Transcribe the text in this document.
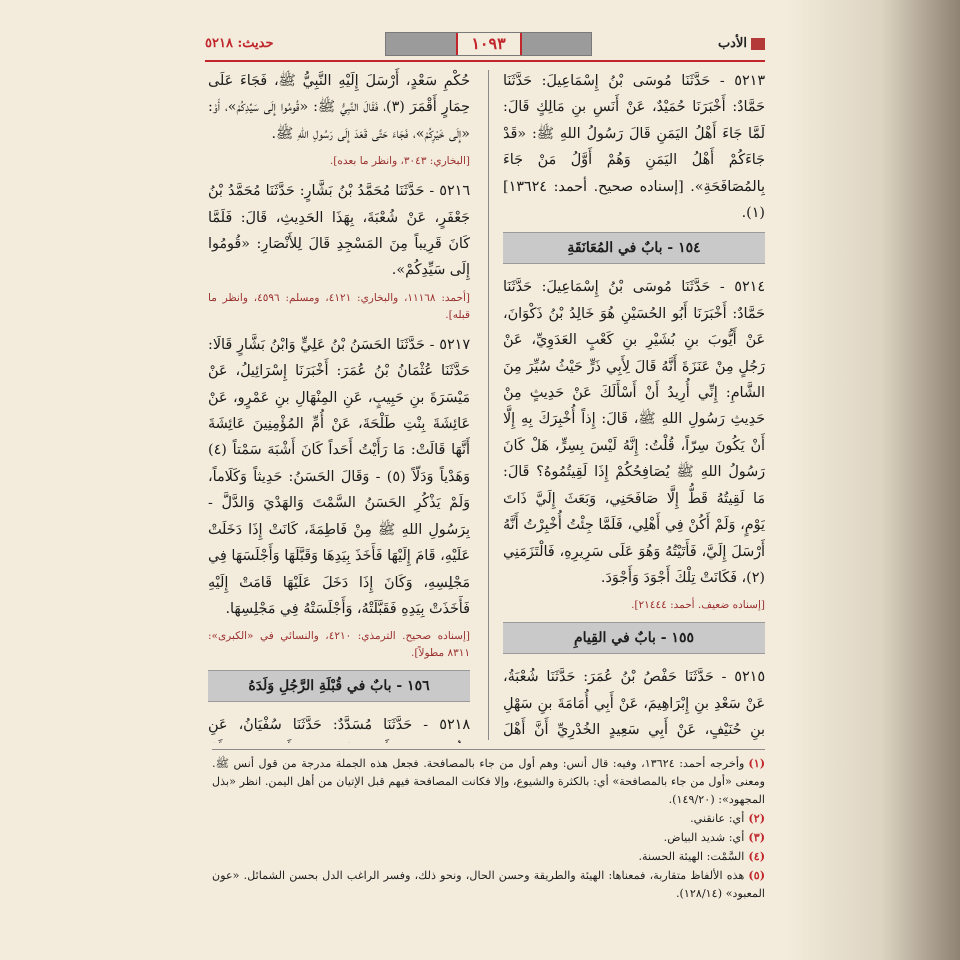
الأدب
١٠٩٣
حديث: ٥٢١٨

٥٢١٣ - حَدَّثَنَا مُوسَى بْنُ إِسْمَاعِيلَ: حَدَّثَنَا حَمَّادٌ: أَخْبَرَنَا حُمَيْدٌ، عَنْ أَنَسِ بنِ مَالِكٍ قَالَ: لَمَّا جَاءَ أَهْلُ اليَمَنِ قَالَ رَسُولُ اللهِ ﷺ: «قَدْ جَاءَكُمْ أَهْلُ اليَمَنِ وَهُمْ أَوَّلُ مَنْ جَاءَ بِالمُصَافَحَةِ». [إسناده صحيح. أحمد: ١٣٦٢٤] (١).

١٥٤ - بابٌ في المُعَانَقَةِ

٥٢١٤ - حَدَّثَنَا مُوسَى بْنُ إِسْمَاعِيلَ: حَدَّثَنَا حَمَّادٌ: أَخْبَرَنَا أَبُو الحُسَيْنِ هُوَ خَالِدُ بْنُ ذَكْوَانَ، عَنْ أَيُّوبَ بنِ بُشَيْرِ بنِ كَعْبٍ العَدَوِيِّ، عَنْ رَجُلٍ مِنْ عَنَزَةَ أَنَّهُ قَالَ لِأَبِي ذَرٍّ حَيْثُ سُيِّرَ مِنَ الشَّامِ: إِنِّي أُرِيدُ أَنْ أَسْأَلَكَ عَنْ حَدِيثٍ مِنْ حَدِيثِ رَسُولِ اللهِ ﷺ، قَالَ: إِذاً أُخْبِرَكَ بِهِ إِلَّا أَنْ يَكُونَ سِرّاً، قُلْتُ: إِنَّهُ لَيْسَ بِسِرٍّ، هَلْ كَانَ رَسُولُ اللهِ ﷺ يُصَافِحُكُمْ إِذَا لَقِيتُمُوهُ؟ قَالَ: مَا لَقِيتُهُ قَطُّ إِلَّا صَافَحَنِي، وَبَعَثَ إِلَيَّ ذَاتَ يَوْمٍ، وَلَمْ أَكُنْ فِي أَهْلِي، فَلَمَّا جِئْتُ أُخْبِرْتُ أَنَّهُ أَرْسَلَ إِلَيَّ، فَأَتَيْتُهُ وَهُوَ عَلَى سَرِيرِهِ، فَالْتَزَمَنِي (٢)، فَكَانَتْ تِلْكَ أَجْوَدَ وَأَجْوَدَ.

[إسناده ضعيف. أحمد: ٢١٤٤٤].

١٥٥ - بابٌ في القِيامِ

٥٢١٥ - حَدَّثَنَا حَفْصُ بْنُ عُمَرَ: حَدَّثَنَا شُعْبَةُ، عَنْ سَعْدِ بنِ إِبْرَاهِيمَ، عَنْ أَبِي أُمَامَةَ بنِ سَهْلِ بنِ حُنَيْفٍ، عَنْ أَبِي سَعِيدٍ الخُدْرِيِّ أَنَّ أَهْلَ

حُكْمِ سَعْدٍ، أَرْسَلَ إِلَيْهِ النَّبِيُّ ﷺ، فَجَاءَ عَلَى حِمَارٍ أَقْمَرَ (٣)، فَقَالَ النَّبِيُّ ﷺ: «قُومُوا إِلَى سَيِّدِكُمْ»، أَوْ: «إِلَى خَيْرِكُمْ»، فَجَاءَ حَتَّى قَعَدَ إِلَى رَسُولِ اللهِ ﷺ.

[البخاري: ٣٠٤٣، وانظر ما بعده].

٥٢١٦ - حَدَّثَنَا مُحَمَّدُ بْنُ بَشَّارٍ: حَدَّثَنَا مُحَمَّدُ بْنُ جَعْفَرٍ، عَنْ شُعْبَةَ، بِهَذَا الحَدِيثِ، قَالَ: فَلَمَّا كَانَ قَرِيباً مِنَ المَسْجِدِ قَالَ لِلأَنْصَارِ: «قُومُوا إِلَى سَيِّدِكُمْ».

[أحمد: ١١١٦٨، والبخاري: ٤١٢١، ومسلم: ٤٥٩٦، وانظر ما قبله].

٥٢١٧ - حَدَّثَنَا الحَسَنُ بْنُ عَلِيٍّ وَابْنُ بَشَّارٍ قَالَا: حَدَّثَنَا عُثْمَانُ بْنُ عُمَرَ: أَخْبَرَنَا إِسْرَائِيلُ، عَنْ مَيْسَرَةَ بنِ حَبِيبٍ، عَنِ المِنْهَالِ بنِ عَمْرٍو، عَنْ عَائِشَةَ بِنْتِ طَلْحَةَ، عَنْ أُمِّ المُؤْمِنِينَ عَائِشَةَ أَنَّهَا قَالَتْ: مَا رَأَيْتُ أَحَداً كَانَ أَشْبَهَ سَمْتاً (٤) وَهَدْياً وَدَلّاً (٥) - وَقَالَ الحَسَنُ: حَدِيثاً وَكَلَاماً، وَلَمْ يَذْكُرِ الحَسَنُ السَّمْتَ وَالهَدْيَ وَالدَّلَّ - بِرَسُولِ اللهِ ﷺ مِنْ فَاطِمَةَ، كَانَتْ إِذَا دَخَلَتْ عَلَيْهِ، قَامَ إِلَيْهَا فَأَخَذَ بِيَدِهَا وَقَبَّلَهَا وَأَجْلَسَهَا فِي مَجْلِسِهِ، وَكَانَ إِذَا دَخَلَ عَلَيْهَا قَامَتْ إِلَيْهِ فَأَخَذَتْ بِيَدِهِ فَقَبَّلَتْهُ، وَأَجْلَسَتْهُ فِي مَجْلِسِهَا.

[إسناده صحيح. الترمذي: ٤٢١٠، والنسائي في «الكبرى»: ٨٣١١ مطولاً].

١٥٦ - بابٌ في قُبْلَةِ الرَّجُلِ وَلَدَهُ

٥٢١٨ - حَدَّثَنَا مُسَدَّدٌ: حَدَّثَنَا سُفْيَانُ، عَنِ

(١)وأخرجه أحمد: ١٣٦٢٤، وفيه: قال أنس: وهم أول من جاء بالمصافحة. فجعل هذه الجملة مدرجة من قول أنس ﷺ. ومعنى «أول من جاء بالمصافحة» أي: بالكثرة والشيوع، وإلا فكانت المصافحة فيهم قبل الإتيان من أهل اليمن. انظر «بذل المجهود»: (١٤٩/٢٠).

(٢)أي: عانقني.

(٣)أي: شديد البياض.

(٤)السَّمْت: الهيئة الحسنة.

(٥)هذه الألفاظ متقاربة، فمعناها: الهيئة والطريقة وحسن الحال، ونحو ذلك، وفسر الراغب الدل بحسن الشمائل. «عون المعبود» (١٢٨/١٤).
